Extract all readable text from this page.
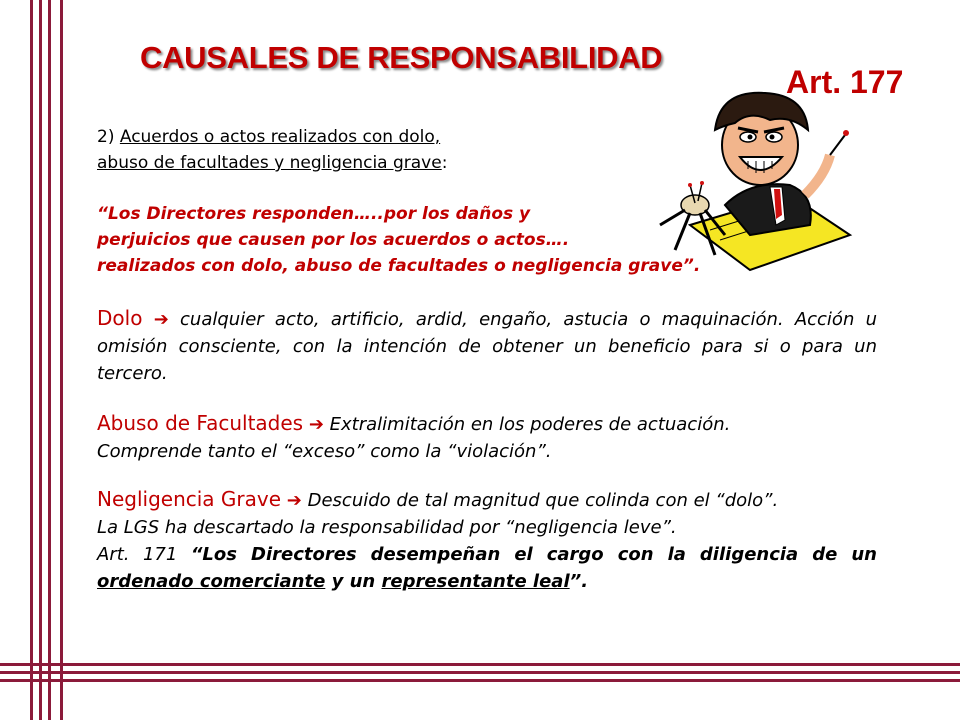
CAUSALES DE RESPONSABILIDAD
Art. 177
2) Acuerdos o actos realizados con dolo,
abuso de facultades y negligencia grave:
“Los Directores responden…..por los daños y
perjuicios que causen por los acuerdos o actos….
realizados con dolo, abuso de facultades o negligencia grave”.
Dolo ➔ cualquier acto, artificio, ardid, engaño, astucia o maquinación. Acción u omisión consciente, con la intención de obtener un beneficio para si o para un tercero.
Abuso de Facultades ➔ Extralimitación en los poderes de actuación.
Comprende tanto el “exceso” como la “violación”.
Negligencia Grave ➔ Descuido de tal magnitud que colinda con el “dolo”.
La LGS ha descartado la responsabilidad por “negligencia leve”.
Art. 171 “Los Directores desempeñan el cargo con la diligencia de un ordenado comerciante y un representante leal”.
